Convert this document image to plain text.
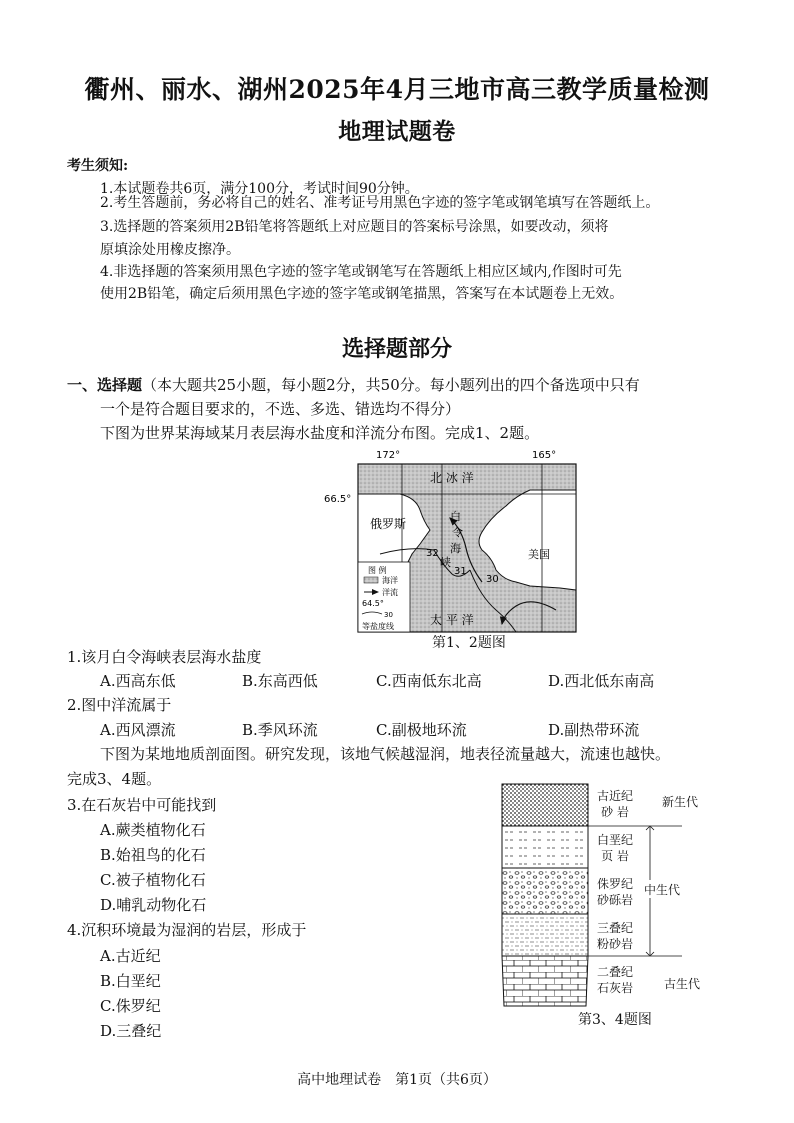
衢州、丽水、湖州2025年4月三地市高三教学质量检测
地理试题卷
考生须知:
1.本试题卷共6页，满分100分，考试时间90分钟。
2.考生答题前，务必将自己的姓名、准考证号用黑色字迹的签字笔或钢笔填写在答题纸上。
3.选择题的答案须用2B铅笔将答题纸上对应题目的答案标号涂黑，如要改动，须将
原填涂处用橡皮擦净。
4.非选择题的答案须用黑色字迹的签字笔或钢笔写在答题纸上相应区域内,作图时可先
使用2B铅笔，确定后须用黑色字迹的签字笔或钢笔描黑，答案写在本试题卷上无效。
选择题部分
一、选择题（本大题共25小题，每小题2分，共50分。每小题列出的四个备选项中只有
一个是符合题目要求的，不选、多选、错选均不得分）
下图为世界某海域某月表层海水盐度和洋流分布图。完成1、2题。
172°	165°
66.5°
北 冰 洋
俄罗斯
白
令
海
峡
美国
32
31
30
太 平 洋
图 例
海洋
洋流
64.5°
30
等盐度线
第1、2题图
1.该月白令海峡表层海水盐度
A.西高东低	B.东高西低	C.西南低东北高	D.西北低东南高
2.图中洋流属于
A.西风漂流	B.季风环流	C.副极地环流	D.副热带环流
下图为某地地质剖面图。研究发现，该地气候越湿润，地表径流量越大，流速也越快。
完成3、4题。
3.在石灰岩中可能找到
A.蕨类植物化石
B.始祖鸟的化石
C.被子植物化石
D.哺乳动物化石
4.沉积环境最为湿润的岩层，形成于
A.古近纪
B.白垩纪
C.侏罗纪
D.三叠纪
古近纪
砂 岩
白垩纪
页 岩
侏罗纪
砂砾岩
三叠纪
粉砂岩
二叠纪
石灰岩
新生代
中生代
古生代
第3、4题图
高中地理试卷　第1页（共6页）
